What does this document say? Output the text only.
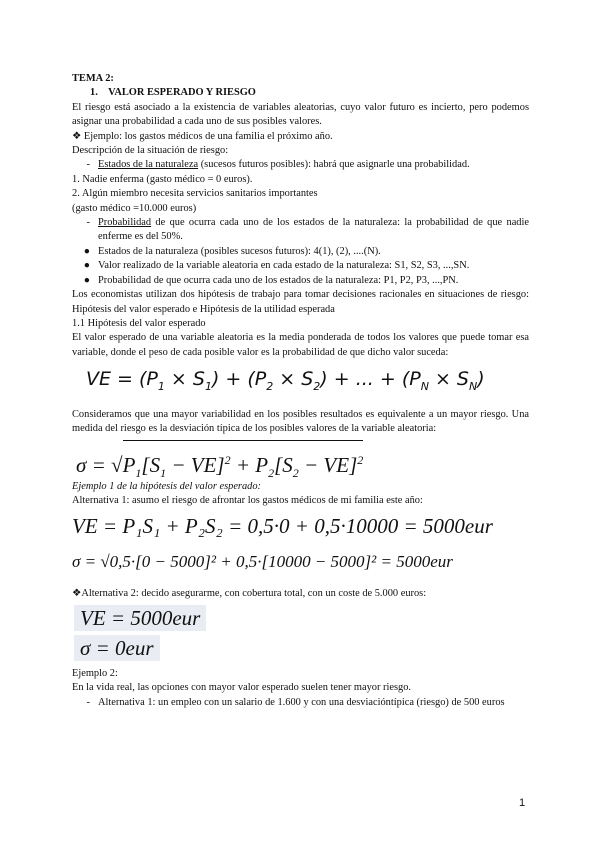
TEMA 2:

1.    VALOR ESPERADO Y RIESGO

El riesgo está asociado a la existencia de variables aleatorias, cuyo valor futuro es incierto, pero podemos asignar una probabilidad a cada uno de sus posibles valores.

❖ Ejemplo: los gastos médicos de una familia el próximo año.

Descripción de la situación de riesgo:

- Estados de la naturaleza (sucesos futuros posibles): habrá que asignarle una probabilidad.

1. Nadie enferma (gasto médico = 0 euros).

2. Algún miembro necesita servicios sanitarios importantes

(gasto médico =10.000 euros)

- Probabilidad de que ocurra cada uno de los estados de la naturaleza: la probabilidad de que nadie enferme es del 50%.
● Estados de la naturaleza (posibles sucesos futuros): 4(1), (2), ....(N).
● Valor realizado de la variable aleatoria en cada estado de la naturaleza: S1, S2, S3, ...,SN.
● Probabilidad de que ocurra cada uno de los estados de la naturaleza: P1, P2, P3, ...,PN.

Los economistas utilizan dos hipótesis de trabajo para tomar decisiones racionales en situaciones de riesgo: Hipótesis del valor esperado e Hipótesis de la utilidad esperada

1.1 Hipótesis del valor esperado

El valor esperado de una variable aleatoria es la media ponderada de todos los valores que puede tomar esa variable, donde el peso de cada posible valor es la probabilidad de que dicho valor suceda:

VE = $(P_1 \times S_1) + (P_2 \times S_2)$ + ... + $(P_N \times S_N)$

Consideramos que una mayor variabilidad en los posibles resultados es equivalente a un mayor riesgo. Una medida del riesgo es la desviación típica de los posibles valores de la variable aleatoria:

$\sigma = √P_1[S_1 - VE]^2 + P_2[S_2 - VE]^2$

Ejemplo 1 de la hipótesis del valor esperado:

Alternativa 1: asumo el riesgo de afrontar los gastos médicos de mi familia este año:

VE = P₁S₁ + P₂S₂ = 0,5·0 + 0,5·10000 = 5000eur
σ = √0,5·[0 − 5000]² + 0,5·[10000 − 5000]² = 5000eur

❖Alternativa 2: decido asegurarme, con cobertura total, con un coste de 5.000 euros:

VE = 5000eur
σ = 0eur

Ejemplo 2:

En la vida real, las opciones con mayor valor esperado suelen tener mayor riesgo.

- Alternativa 1: un empleo con un salario de 1.600 y con una desviacióntípica (riesgo) de 500 euros
1
